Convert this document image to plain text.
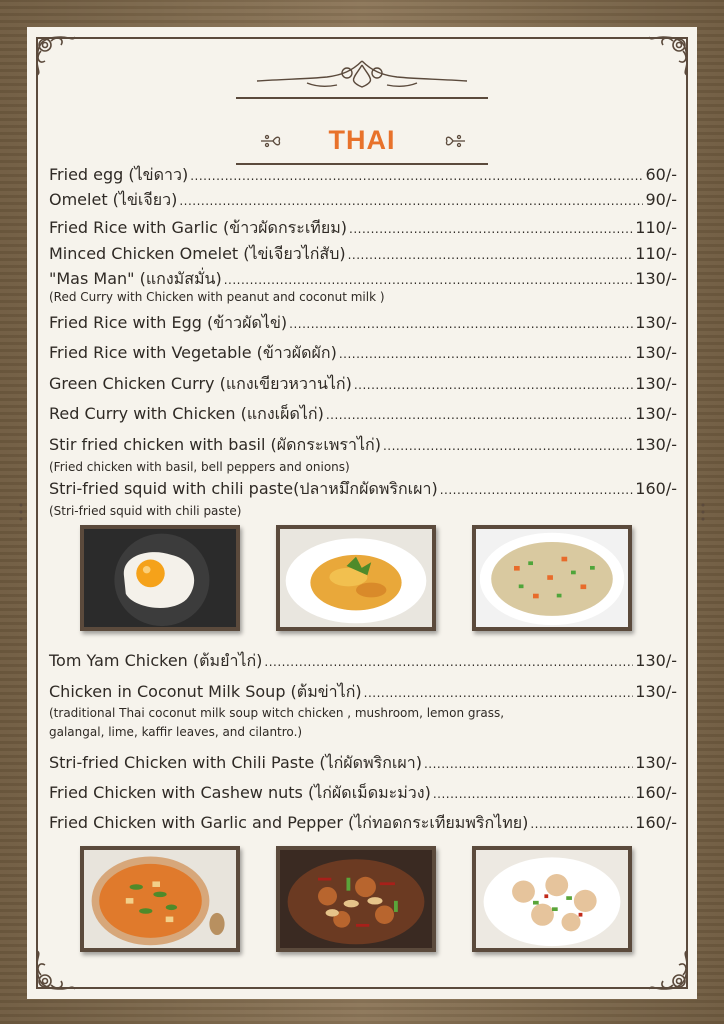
THAI
Fried egg (ไข่ดาว) .....	60/-
Omelet (ไข่เจียว) .....	90/-
Fried Rice with Garlic (ข้าวผัดกระเทียม) .....	110/-
Minced Chicken Omelet (ไข่เจียวไก่สับ) .....	110/-
"Mas Man" (แกงมัสมั่น) .....	130/-
(Red Curry with Chicken with peanut and coconut milk )
Fried Rice with Egg (ข้าวผัดไข่) .....	130/-
Fried Rice with Vegetable (ข้าวผัดผัก) .....	130/-
Green Chicken Curry (แกงเขียวหวานไก่) .....	130/-
Red Curry with Chicken (แกงเผ็ดไก่) .....	130/-
Stir fried chicken with basil (ผัดกระเพราไก่) .....	130/-
(Fried chicken with basil, bell peppers and onions)
Stri-fried squid with chili paste(ปลาหมึกผัดพริกเผา) .....	160/-
(Stri-fried squid with chili paste)
Tom Yam Chicken (ต้มยำไก่) .....	130/-
Chicken in Coconut Milk Soup (ต้มข่าไก่) .....	130/-
(traditional Thai coconut milk soup witch chicken , mushroom, lemon grass,
galangal, lime, kaffir leaves, and cilantro.)
Stri-fried Chicken with Chili Paste (ไก่ผัดพริกเผา) .....	130/-
Fried Chicken with Cashew nuts (ไก่ผัดเม็ดมะม่วง) .....	160/-
Fried Chicken with Garlic and Pepper (ไก่ทอดกระเทียมพริกไทย) .....	160/-
